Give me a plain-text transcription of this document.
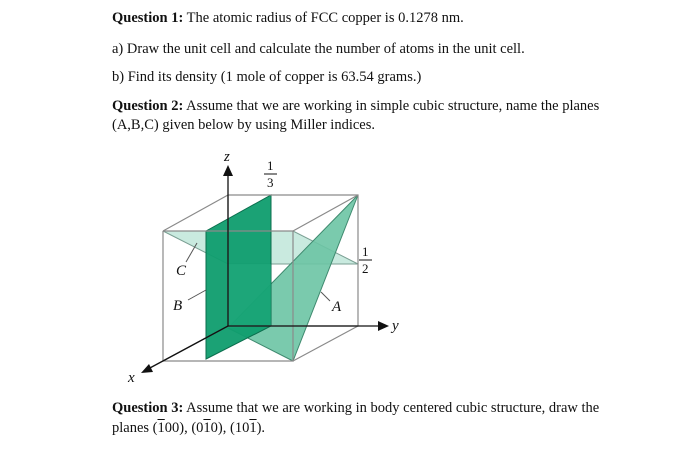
Question 1: The atomic radius of FCC copper is 0.1278 nm.
a) Draw the unit cell and calculate the number of atoms in the unit cell.
b) Find its density (1 mole of copper is 63.54 grams.)
Question 2: Assume that we are working in simple cubic structure, name the planes
(A,B,C) given below by using Miller indices.
z
y
x
1
3
1
2
C
B	A
Question 3: Assume that we are working in body centered cubic structure, draw the
planes (100), (010), (101).
